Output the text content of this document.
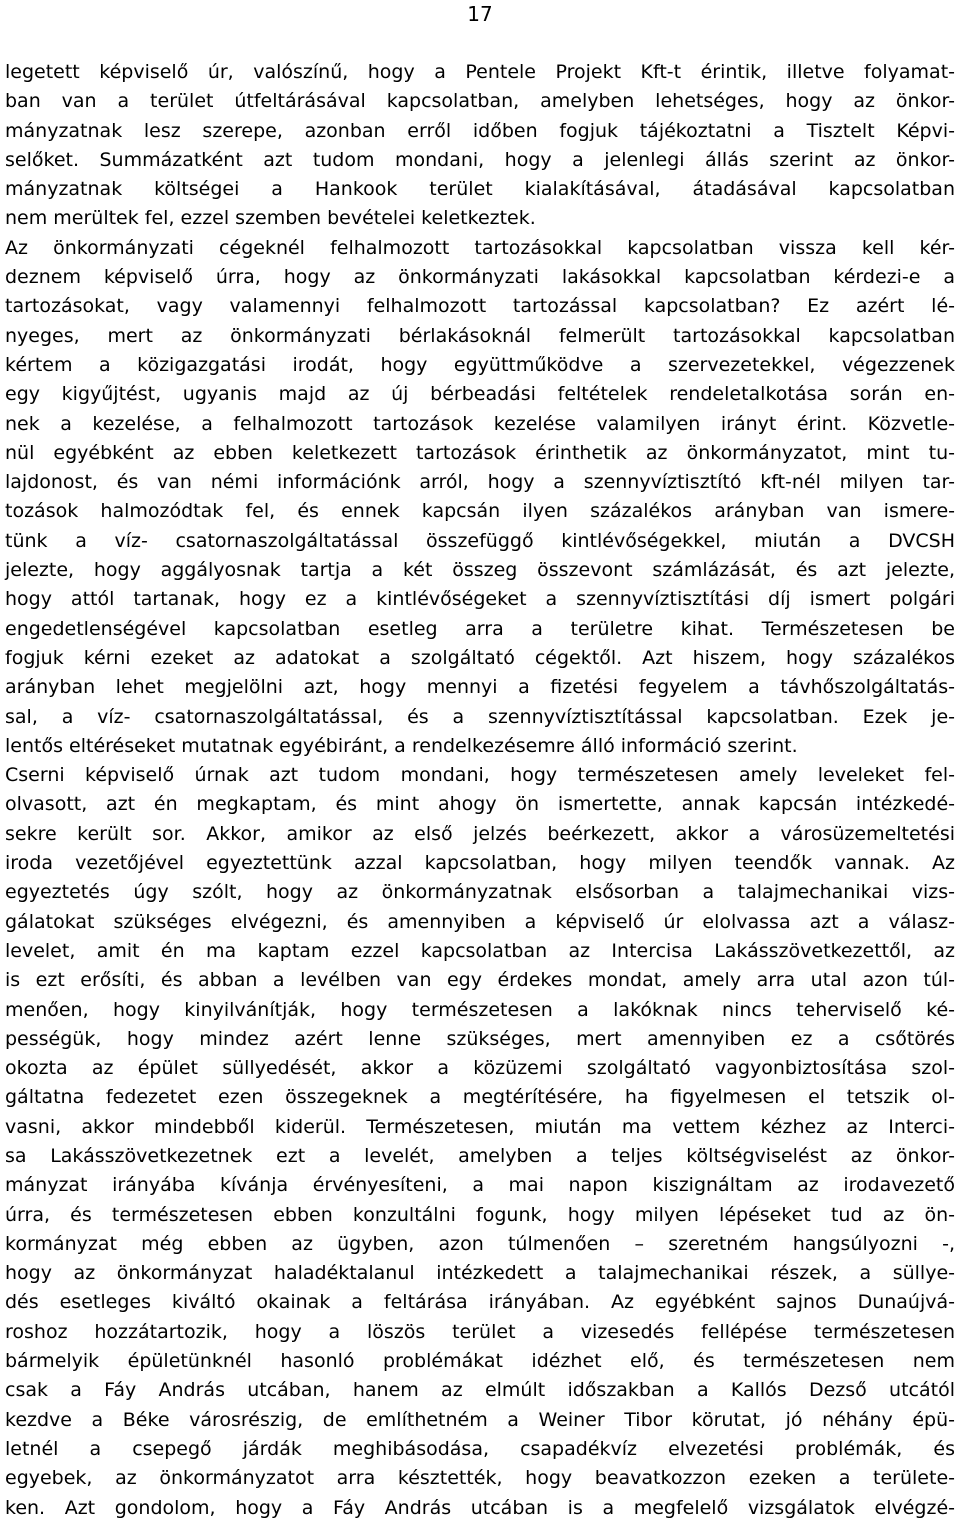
17
legetett képviselő úr, valószínű, hogy a Pentele Projekt Kft-t érintik, illetve folyamat-
ban van a terület útfeltárásával kapcsolatban, amelyben lehetséges, hogy az önkor-
mányzatnak lesz szerepe, azonban erről időben fogjuk tájékoztatni a Tisztelt Képvi-
selőket. Summázatként azt tudom mondani, hogy a jelenlegi állás szerint az önkor-
mányzatnak költségei a Hankook terület kialakításával, átadásával kapcsolatban
nem merültek fel, ezzel szemben bevételei keletkeztek.
Az önkormányzati cégeknél felhalmozott tartozásokkal kapcsolatban vissza kell kér-
deznem képviselő úrra, hogy az önkormányzati lakásokkal kapcsolatban kérdezi-e a
tartozásokat, vagy valamennyi felhalmozott tartozással kapcsolatban? Ez azért lé-
nyeges, mert az önkormányzati bérlakásoknál felmerült tartozásokkal kapcsolatban
kértem a közigazgatási irodát, hogy együttműködve a szervezetekkel, végezzenek
egy kigyűjtést, ugyanis majd az új bérbeadási feltételek rendeletalkotása során en-
nek a kezelése, a felhalmozott tartozások kezelése valamilyen irányt érint. Közvetle-
nül egyébként az ebben keletkezett tartozások érinthetik az önkormányzatot, mint tu-
lajdonost, és van némi információnk arról, hogy a szennyvíztisztító kft-nél milyen tar-
tozások halmozódtak fel, és ennek kapcsán ilyen százalékos arányban van ismere-
tünk a víz- csatornaszolgáltatással összefüggő kintlévőségekkel, miután a DVCSH
jelezte, hogy aggályosnak tartja a két összeg összevont számlázását, és azt jelezte,
hogy attól tartanak, hogy ez a kintlévőségeket a szennyvíztisztítási díj ismert polgári
engedetlenségével kapcsolatban esetleg arra a területre kihat. Természetesen be
fogjuk kérni ezeket az adatokat a szolgáltató cégektől. Azt hiszem, hogy százalékos
arányban lehet megjelölni azt, hogy mennyi a fizetési fegyelem a távhőszolgáltatás-
sal, a víz- csatornaszolgáltatással, és a szennyvíztisztítással kapcsolatban. Ezek je-
lentős eltéréseket mutatnak egyébiránt, a rendelkezésemre álló információ szerint.
Cserni képviselő úrnak azt tudom mondani, hogy természetesen amely leveleket fel-
olvasott, azt én megkaptam, és mint ahogy ön ismertette, annak kapcsán intézkedé-
sekre került sor. Akkor, amikor az első jelzés beérkezett, akkor a városüzemeltetési
iroda vezetőjével egyeztettünk azzal kapcsolatban, hogy milyen teendők vannak. Az
egyeztetés úgy szólt, hogy az önkormányzatnak elsősorban a talajmechanikai vizs-
gálatokat szükséges elvégezni, és amennyiben a képviselő úr elolvassa azt a válasz-
levelet, amit én ma kaptam ezzel kapcsolatban az Intercisa Lakásszövetkezettől, az
is ezt erősíti, és abban a levélben van egy érdekes mondat, amely arra utal azon túl-
menően, hogy kinyilvánítják, hogy természetesen a lakóknak nincs teherviselő ké-
pességük, hogy mindez azért lenne szükséges, mert amennyiben ez a csőtörés
okozta az épület süllyedését, akkor a közüzemi szolgáltató vagyonbiztosítása szol-
gáltatna fedezetet ezen összegeknek a megtérítésére, ha figyelmesen el tetszik ol-
vasni, akkor mindebből kiderül. Természetesen, miután ma vettem kézhez az Interci-
sa Lakásszövetkezetnek ezt a levelét, amelyben a teljes költségviselést az önkor-
mányzat irányába kívánja érvényesíteni, a mai napon kiszignáltam az irodavezető
úrra, és természetesen ebben konzultálni fogunk, hogy milyen lépéseket tud az ön-
kormányzat még ebben az ügyben, azon túlmenően – szeretném hangsúlyozni -,
hogy az önkormányzat haladéktalanul intézkedett a talajmechanikai részek, a süllye-
dés esetleges kiváltó okainak a feltárása irányában. Az egyébként sajnos Dunaújvá-
roshoz hozzátartozik, hogy a löszös terület a vizesedés fellépése természetesen
bármelyik épületünknél hasonló problémákat idézhet elő, és természetesen nem
csak a Fáy András utcában, hanem az elmúlt időszakban a Kallós Dezső utcától
kezdve a Béke városrészig, de említhetném a Weiner Tibor körutat, jó néhány épü-
letnél a csepegő járdák meghibásodása, csapadékvíz elvezetési problémák, és
egyebek, az önkormányzatot arra késztették, hogy beavatkozzon ezeken a területe-
ken. Azt gondolom, hogy a Fáy András utcában is a megfelelő vizsgálatok elvégzé-
